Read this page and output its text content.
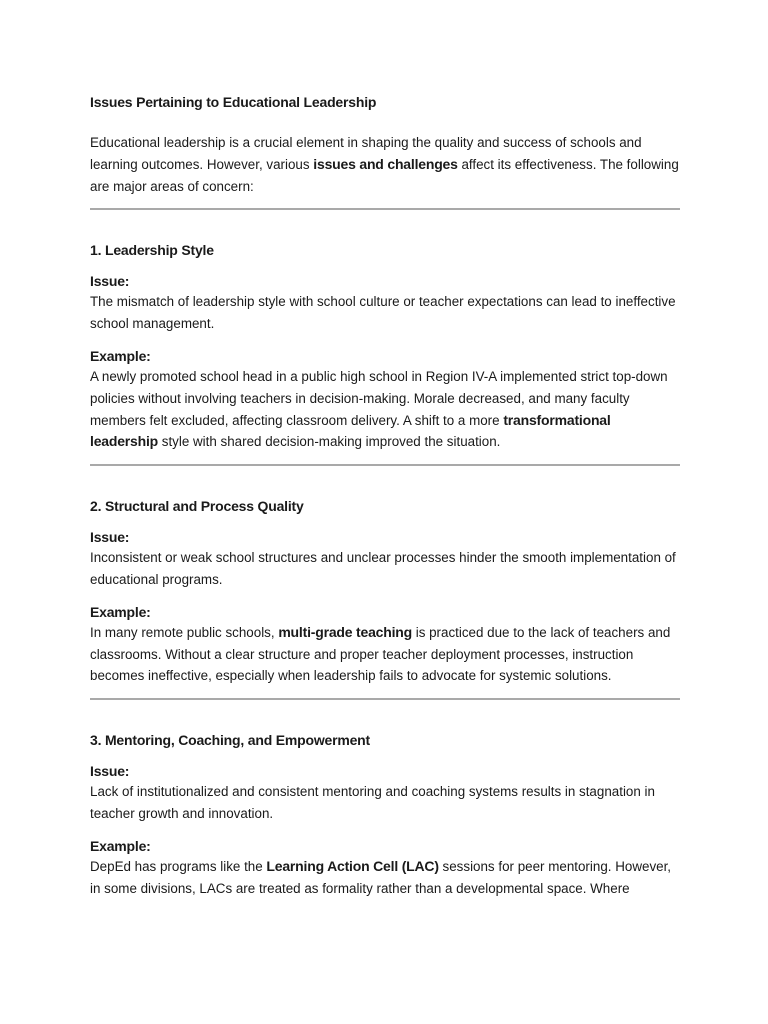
Issues Pertaining to Educational Leadership

Educational leadership is a crucial element in shaping the quality and success of schools and learning outcomes. However, various issues and challenges affect its effectiveness. The following are major areas of concern:

1. Leadership Style
Issue:

The mismatch of leadership style with school culture or teacher expectations can lead to ineffective school management.

Example:

A newly promoted school head in a public high school in Region IV-A implemented strict top-down policies without involving teachers in decision-making. Morale decreased, and many faculty members felt excluded, affecting classroom delivery. A shift to a more transformational leadership style with shared decision-making improved the situation.

2. Structural and Process Quality
Issue:

Inconsistent or weak school structures and unclear processes hinder the smooth implementation of educational programs.

Example:

In many remote public schools, multi-grade teaching is practiced due to the lack of teachers and classrooms. Without a clear structure and proper teacher deployment processes, instruction becomes ineffective, especially when leadership fails to advocate for systemic solutions.

3. Mentoring, Coaching, and Empowerment
Issue:

Lack of institutionalized and consistent mentoring and coaching systems results in stagnation in teacher growth and innovation.

Example:

DepEd has programs like the Learning Action Cell (LAC) sessions for peer mentoring. However, in some divisions, LACs are treated as formality rather than a developmental space. Where
